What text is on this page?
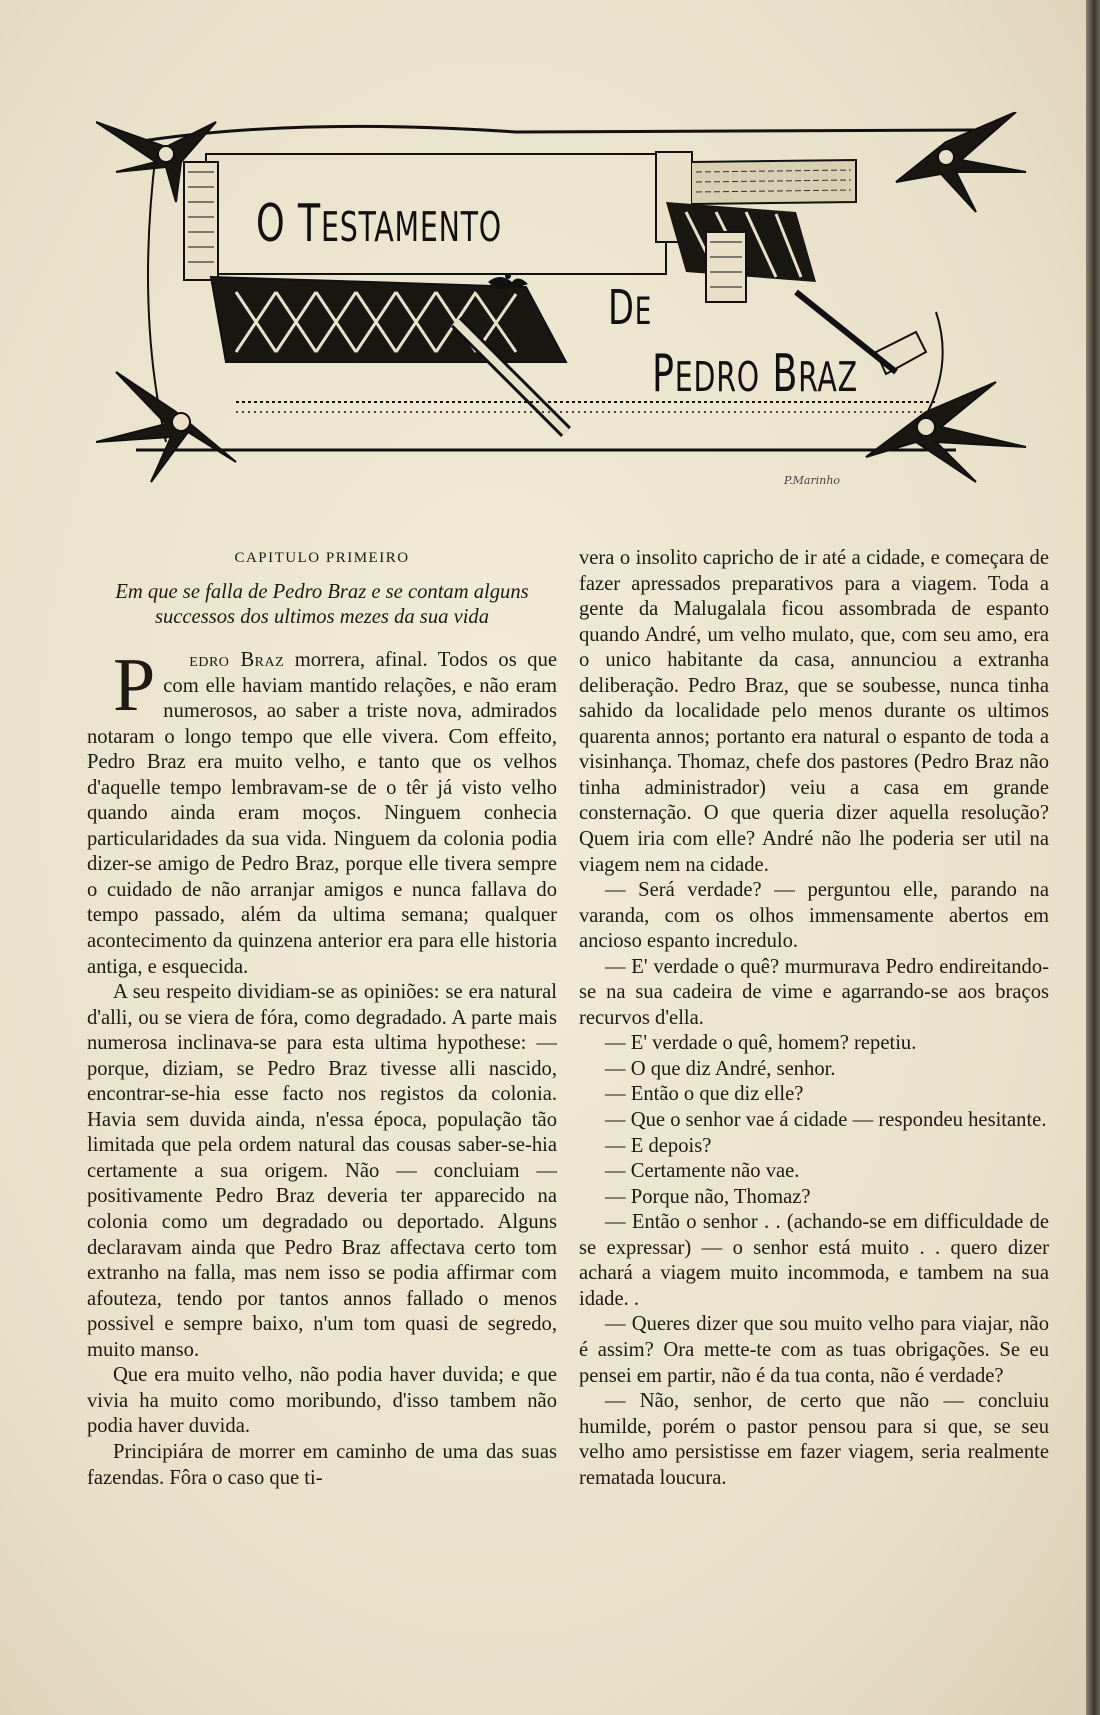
O TESTAMENTO
DE
PEDRO BRAZ
P.Marinho
CAPITULO PRIMEIRO
Em que se falla de Pedro Braz e se contam alguns successos dos ultimos mezes da sua vida

P edro Braz morrera, afinal. Todos os que com elle haviam mantido relações, e não eram numerosos, ao saber a triste nova, admirados notaram o longo tempo que elle vivera. Com effeito, Pedro Braz era muito velho, e tanto que os velhos d'aquelle tempo lembravam-se de o têr já visto velho quando ainda eram moços. Ninguem conhecia particularidades da sua vida. Ninguem da colonia podia dizer-se amigo de Pedro Braz, porque elle tivera sempre o cuidado de não arranjar amigos e nunca fallava do tempo passado, além da ultima semana; qualquer acontecimento da quinzena anterior era para elle historia antiga, e esquecida.

A seu respeito dividiam-se as opiniões: se era natural d'alli, ou se viera de fóra, como degradado. A parte mais numerosa inclinava-se para esta ultima hypothese: — porque, diziam, se Pedro Braz tivesse alli nascido, encontrar-se-hia esse facto nos registos da colonia. Havia sem duvida ainda, n'essa época, população tão limitada que pela ordem natural das cousas saber-se-hia certamente a sua origem. Não — concluiam — positivamente Pedro Braz deveria ter apparecido na colonia como um degradado ou deportado. Alguns declaravam ainda que Pedro Braz affectava certo tom extranho na falla, mas nem isso se podia affirmar com afouteza, tendo por tantos annos fallado o menos possivel e sempre baixo, n'um tom quasi de segredo, muito manso.

Que era muito velho, não podia haver duvida; e que vivia ha muito como moribundo, d'isso tambem não podia haver duvida.

Principiára de morrer em caminho de uma das suas fazendas. Fôra o caso que ti-

vera o insolito capricho de ir até a cidade, e começara de fazer apressados preparativos para a viagem. Toda a gente da Malugalala ficou assombrada de espanto quando André, um velho mulato, que, com seu amo, era o unico habitante da casa, annunciou a extranha deliberação. Pedro Braz, que se soubesse, nunca tinha sahido da localidade pelo menos durante os ultimos quarenta annos; portanto era natural o espanto de toda a visinhança. Thomaz, chefe dos pastores (Pedro Braz não tinha administrador) veiu a casa em grande consternação. O que queria dizer aquella resolução? Quem iria com elle? André não lhe poderia ser util na viagem nem na cidade.

— Será verdade? — perguntou elle, parando na varanda, com os olhos immensamente abertos em ancioso espanto incredulo.

— E' verdade o quê? murmurava Pedro endireitando-se na sua cadeira de vime e agarrando-se aos braços recurvos d'ella.

— E' verdade o quê, homem? repetiu.

— O que diz André, senhor.

— Então o que diz elle?

— Que o senhor vae á cidade — respondeu hesitante.

— E depois?

— Certamente não vae.

— Porque não, Thomaz?

— Então o senhor . . (achando-se em difficuldade de se expressar) — o senhor está muito . . quero dizer achará a viagem muito incommoda, e tambem na sua idade. .

— Queres dizer que sou muito velho para viajar, não é assim? Ora mette-te com as tuas obrigações. Se eu pensei em partir, não é da tua conta, não é verdade?

— Não, senhor, de certo que não — concluiu humilde, porém o pastor pensou para si que, se seu velho amo persistisse em fazer viagem, seria realmente rematada loucura.
